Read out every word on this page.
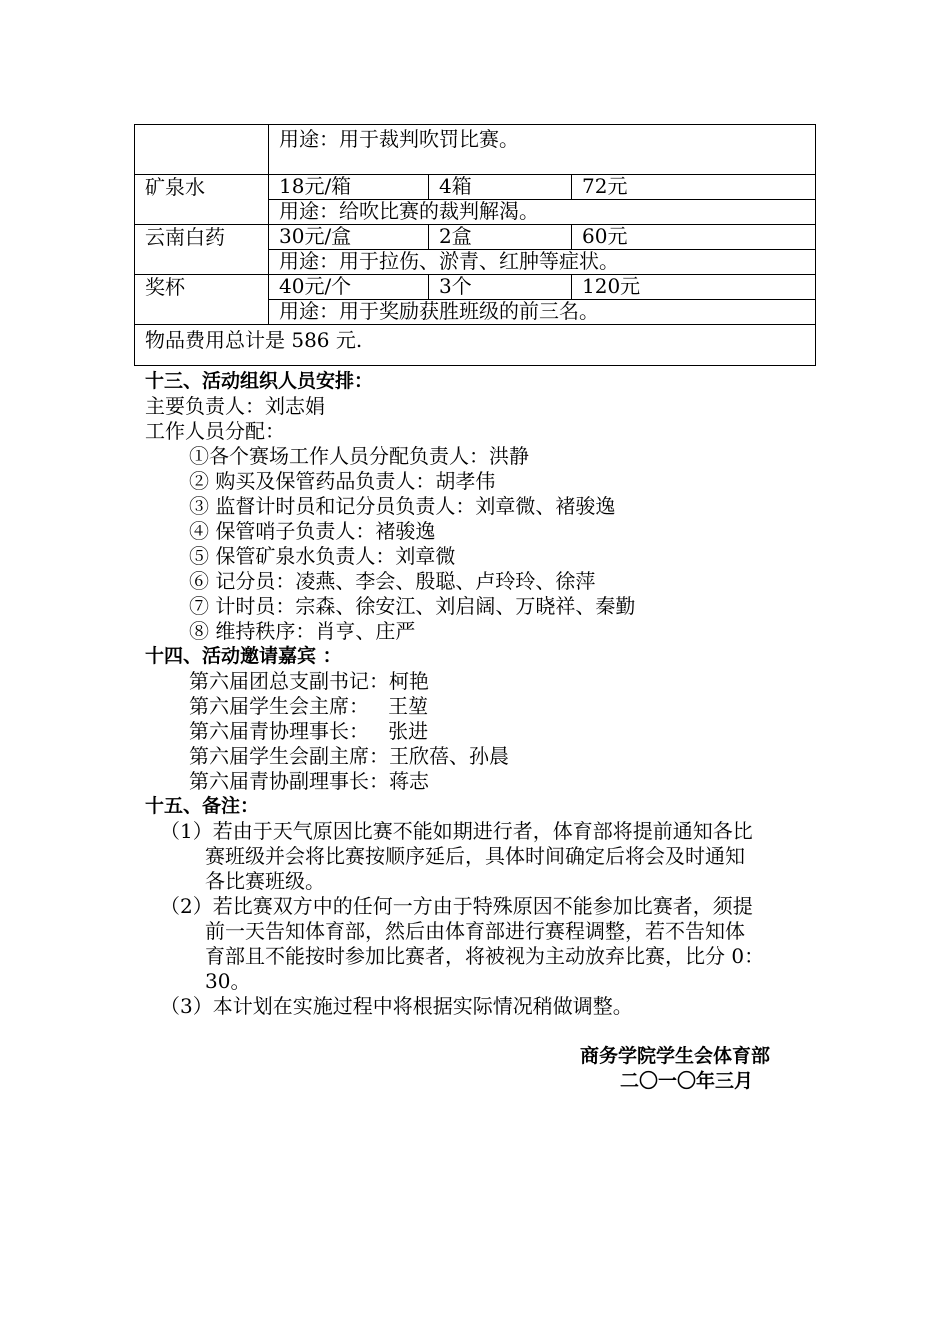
	用途：用于裁判吹罚比赛。		
矿泉水	18元/箱	4箱	72元
	用途：给吹比赛的裁判解渴。		
云南白药	30元/盒	2盒	60元
	用途：用于拉伤、淤青、红肿等症状。		
奖杯	40元/个	3个	120元
	用途：用于奖励获胜班级的前三名。		
物品费用总计是 586 元.			
十三、活动组织人员安排：
主要负责人：刘志娟
工作人员分配：
①各个赛场工作人员分配负责人：洪静
② 购买及保管药品负责人：胡孝伟
③ 监督计时员和记分员负责人：刘章微、褚骏逸
④ 保管哨子负责人：褚骏逸
⑤ 保管矿泉水负责人：刘章微
⑥ 记分员：凌燕、李会、殷聪、卢玲玲、徐萍
⑦ 计时员：宗森、徐安江、刘启阔、万晓祥、秦勤
⑧ 维持秩序：肖亨、庄严
十四、活动邀请嘉宾 ：
第六届团总支副书记：柯艳
第六届学生会主席：   王堃
第六届青协理事长：   张进
第六届学生会副主席：王欣蓓、孙晨
第六届青协副理事长：蒋志
十五、备注：
（1）若由于天气原因比赛不能如期进行者，体育部将提前通知各比
赛班级并会将比赛按顺序延后，具体时间确定后将会及时通知
各比赛班级。
（2）若比赛双方中的任何一方由于特殊原因不能参加比赛者，须提
前一天告知体育部，然后由体育部进行赛程调整，若不告知体
育部且不能按时参加比赛者，将被视为主动放弃比赛，比分 0：
30。
（3）本计划在实施过程中将根据实际情况稍做调整。
商务学院学生会体育部
二〇一〇年三月
